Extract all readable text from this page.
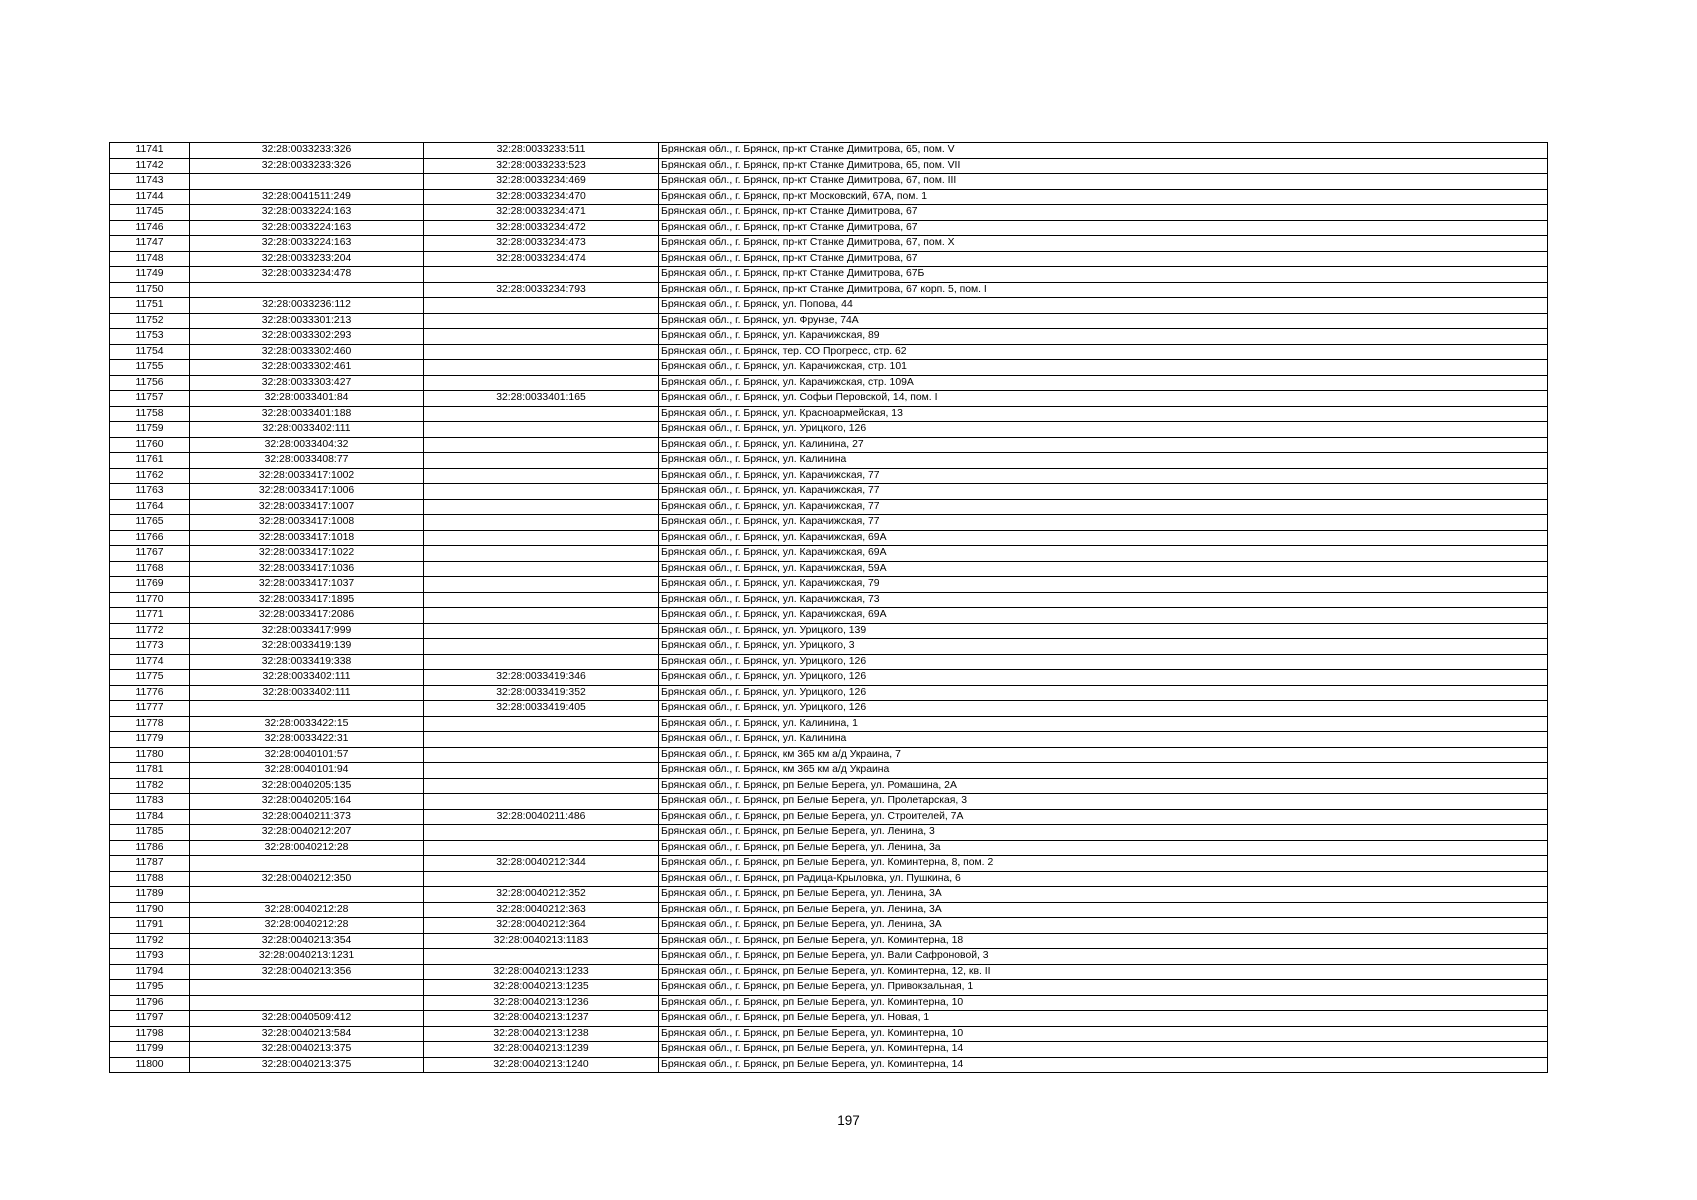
11741	32:28:0033233:326	32:28:0033233:511	Брянская обл., г. Брянск, пр-кт Станке Димитрова, 65, пом. V
11742	32:28:0033233:326	32:28:0033233:523	Брянская обл., г. Брянск, пр-кт Станке Димитрова, 65, пом. VII
11743		32:28:0033234:469	Брянская обл., г. Брянск, пр-кт Станке Димитрова, 67, пом. III
11744	32:28:0041511:249	32:28:0033234:470	Брянская обл., г. Брянск, пр-кт Московский, 67А, пом. 1
11745	32:28:0033224:163	32:28:0033234:471	Брянская обл., г. Брянск, пр-кт Станке Димитрова, 67
11746	32:28:0033224:163	32:28:0033234:472	Брянская обл., г. Брянск, пр-кт Станке Димитрова, 67
11747	32:28:0033224:163	32:28:0033234:473	Брянская обл., г. Брянск, пр-кт Станке Димитрова, 67, пом. X
11748	32:28:0033233:204	32:28:0033234:474	Брянская обл., г. Брянск, пр-кт Станке Димитрова, 67
11749	32:28:0033234:478		Брянская обл., г. Брянск, пр-кт Станке Димитрова, 67Б
11750		32:28:0033234:793	Брянская обл., г. Брянск, пр-кт Станке Димитрова, 67 корп. 5, пом. I
11751	32:28:0033236:112		Брянская обл., г. Брянск, ул. Попова, 44
11752	32:28:0033301:213		Брянская обл., г. Брянск, ул. Фрунзе, 74А
11753	32:28:0033302:293		Брянская обл., г. Брянск, ул. Карачижская, 89
11754	32:28:0033302:460		Брянская обл., г. Брянск, тер. СО Прогресс, стр. 62
11755	32:28:0033302:461		Брянская обл., г. Брянск, ул. Карачижская, стр. 101
11756	32:28:0033303:427		Брянская обл., г. Брянск, ул. Карачижская, стр. 109А
11757	32:28:0033401:84	32:28:0033401:165	Брянская обл., г. Брянск, ул. Софьи Перовской, 14, пом. I
11758	32:28:0033401:188		Брянская обл., г. Брянск, ул. Красноармейская, 13
11759	32:28:0033402:111		Брянская обл., г. Брянск, ул. Урицкого, 126
11760	32:28:0033404:32		Брянская обл., г. Брянск, ул. Калинина, 27
11761	32:28:0033408:77		Брянская обл., г. Брянск, ул. Калинина
11762	32:28:0033417:1002		Брянская обл., г. Брянск, ул. Карачижская, 77
11763	32:28:0033417:1006		Брянская обл., г. Брянск, ул. Карачижская, 77
11764	32:28:0033417:1007		Брянская обл., г. Брянск, ул. Карачижская, 77
11765	32:28:0033417:1008		Брянская обл., г. Брянск, ул. Карачижская, 77
11766	32:28:0033417:1018		Брянская обл., г. Брянск, ул. Карачижская, 69А
11767	32:28:0033417:1022		Брянская обл., г. Брянск, ул. Карачижская, 69А
11768	32:28:0033417:1036		Брянская обл., г. Брянск, ул. Карачижская, 59А
11769	32:28:0033417:1037		Брянская обл., г. Брянск, ул. Карачижская, 79
11770	32:28:0033417:1895		Брянская обл., г. Брянск, ул. Карачижская, 73
11771	32:28:0033417:2086		Брянская обл., г. Брянск, ул. Карачижская, 69А
11772	32:28:0033417:999		Брянская обл., г. Брянск, ул. Урицкого, 139
11773	32:28:0033419:139		Брянская обл., г. Брянск, ул. Урицкого, 3
11774	32:28:0033419:338		Брянская обл., г. Брянск, ул. Урицкого, 126
11775	32:28:0033402:111	32:28:0033419:346	Брянская обл., г. Брянск, ул. Урицкого, 126
11776	32:28:0033402:111	32:28:0033419:352	Брянская обл., г. Брянск, ул. Урицкого, 126
11777		32:28:0033419:405	Брянская обл., г. Брянск, ул. Урицкого, 126
11778	32:28:0033422:15		Брянская обл., г. Брянск, ул. Калинина, 1
11779	32:28:0033422:31		Брянская обл., г. Брянск, ул. Калинина
11780	32:28:0040101:57		Брянская обл., г. Брянск, км 365 км а/д Украина, 7
11781	32:28:0040101:94		Брянская обл., г. Брянск, км 365 км а/д Украина
11782	32:28:0040205:135		Брянская обл., г. Брянск, рп Белые Берега, ул. Ромашина, 2А
11783	32:28:0040205:164		Брянская обл., г. Брянск, рп Белые Берега, ул. Пролетарская, 3
11784	32:28:0040211:373	32:28:0040211:486	Брянская обл., г. Брянск, рп Белые Берега, ул. Строителей, 7А
11785	32:28:0040212:207		Брянская обл., г. Брянск, рп Белые Берега, ул. Ленина, 3
11786	32:28:0040212:28		Брянская обл., г. Брянск, рп Белые Берега, ул. Ленина, 3а
11787		32:28:0040212:344	Брянская обл., г. Брянск, рп Белые Берега, ул. Коминтерна, 8, пом. 2
11788	32:28:0040212:350		Брянская обл., г. Брянск, рп Радица-Крыловка, ул. Пушкина, 6
11789		32:28:0040212:352	Брянская обл., г. Брянск, рп Белые Берега, ул. Ленина, 3А
11790	32:28:0040212:28	32:28:0040212:363	Брянская обл., г. Брянск, рп Белые Берега, ул. Ленина, 3А
11791	32:28:0040212:28	32:28:0040212:364	Брянская обл., г. Брянск, рп Белые Берега, ул. Ленина, 3А
11792	32:28:0040213:354	32:28:0040213:1183	Брянская обл., г. Брянск, рп Белые Берега, ул. Коминтерна, 18
11793	32:28:0040213:1231		Брянская обл., г. Брянск, рп Белые Берега, ул. Вали Сафроновой, 3
11794	32:28:0040213:356	32:28:0040213:1233	Брянская обл., г. Брянск, рп Белые Берега, ул. Коминтерна, 12, кв. II
11795		32:28:0040213:1235	Брянская обл., г. Брянск, рп Белые Берега, ул. Привокзальная, 1
11796		32:28:0040213:1236	Брянская обл., г. Брянск, рп Белые Берега, ул. Коминтерна, 10
11797	32:28:0040509:412	32:28:0040213:1237	Брянская обл., г. Брянск, рп Белые Берега, ул. Новая, 1
11798	32:28:0040213:584	32:28:0040213:1238	Брянская обл., г. Брянск, рп Белые Берега, ул. Коминтерна, 10
11799	32:28:0040213:375	32:28:0040213:1239	Брянская обл., г. Брянск, рп Белые Берега, ул. Коминтерна, 14
11800	32:28:0040213:375	32:28:0040213:1240	Брянская обл., г. Брянск, рп Белые Берега, ул. Коминтерна, 14
197
